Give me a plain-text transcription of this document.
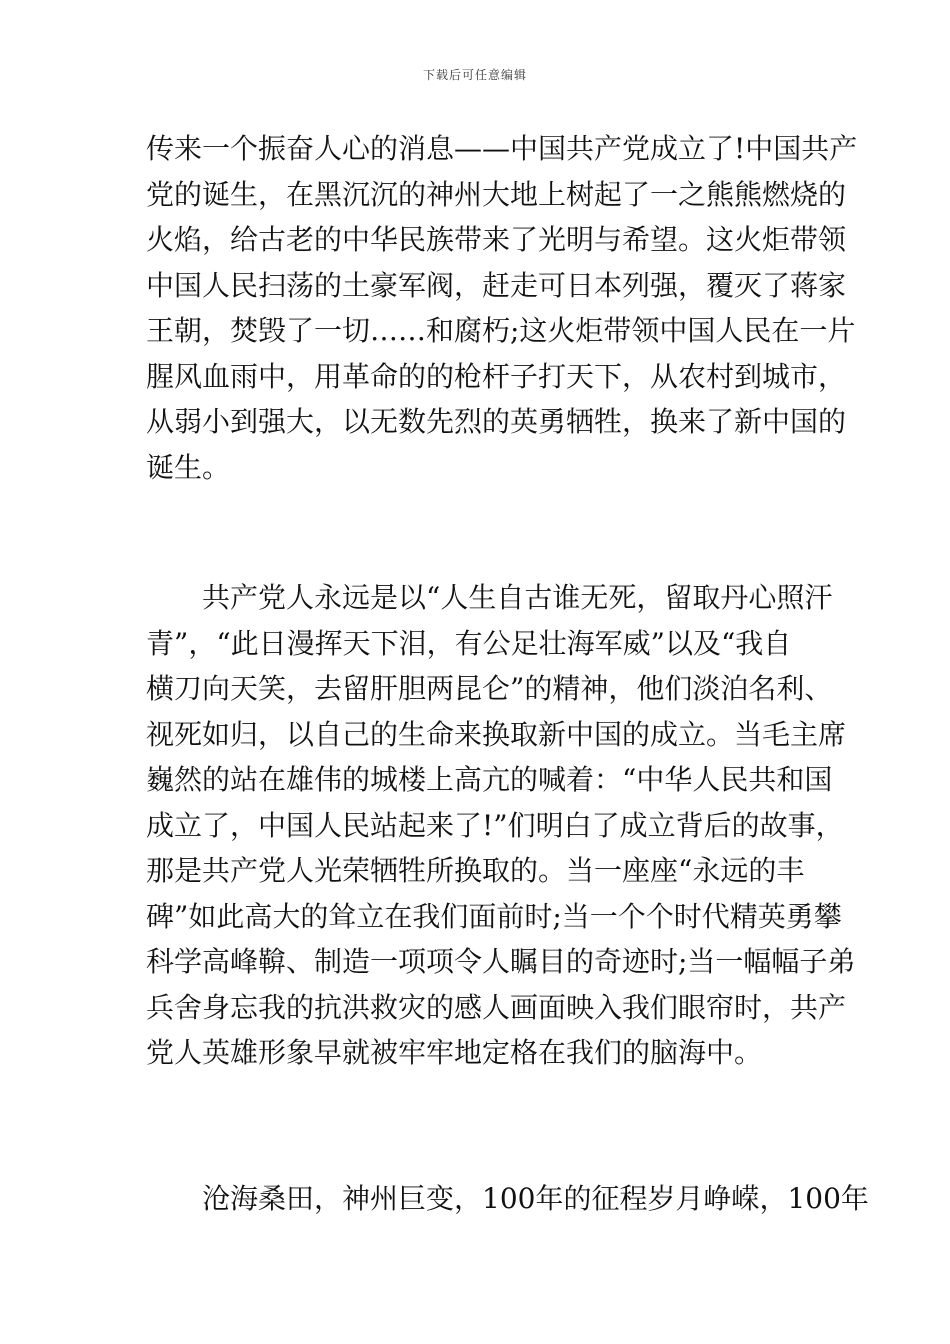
下载后可任意编辑
传来一个振奋人心的消息——中国共产党成立了!中国共产
党的诞生，在黑沉沉的神州大地上树起了一之熊熊燃烧的
火焰，给古老的中华民族带来了光明与希望。这火炬带领
中国人民扫荡的土豪军阀，赶走可日本列强，覆灭了蒋家
王朝，焚毁了一切……和腐朽;这火炬带领中国人民在一片
腥风血雨中，用革命的的枪杆子打天下，从农村到城市，
从弱小到强大，以无数先烈的英勇牺牲，换来了新中国的
诞生。
共产党人永远是以“人生自古谁无死，留取丹心照汗
青”，“此日漫挥天下泪，有公足壮海军威”以及“我自
横刀向天笑，去留肝胆两昆仑”的精神，他们淡泊名利、
视死如归，以自己的生命来换取新中国的成立。当毛主席
巍然的站在雄伟的城楼上高亢的喊着：“中华人民共和国
成立了，中国人民站起来了!”们明白了成立背后的故事，
那是共产党人光荣牺牲所换取的。当一座座“永远的丰
碑”如此高大的耸立在我们面前时;当一个个时代精英勇攀
科学高峰鞥、制造一项项令人瞩目的奇迹时;当一幅幅子弟
兵舍身忘我的抗洪救灾的感人画面映入我们眼帘时，共产
党人英雄形象早就被牢牢地定格在我们的脑海中。
沧海桑田，神州巨变，100年的征程岁月峥嵘，100年
